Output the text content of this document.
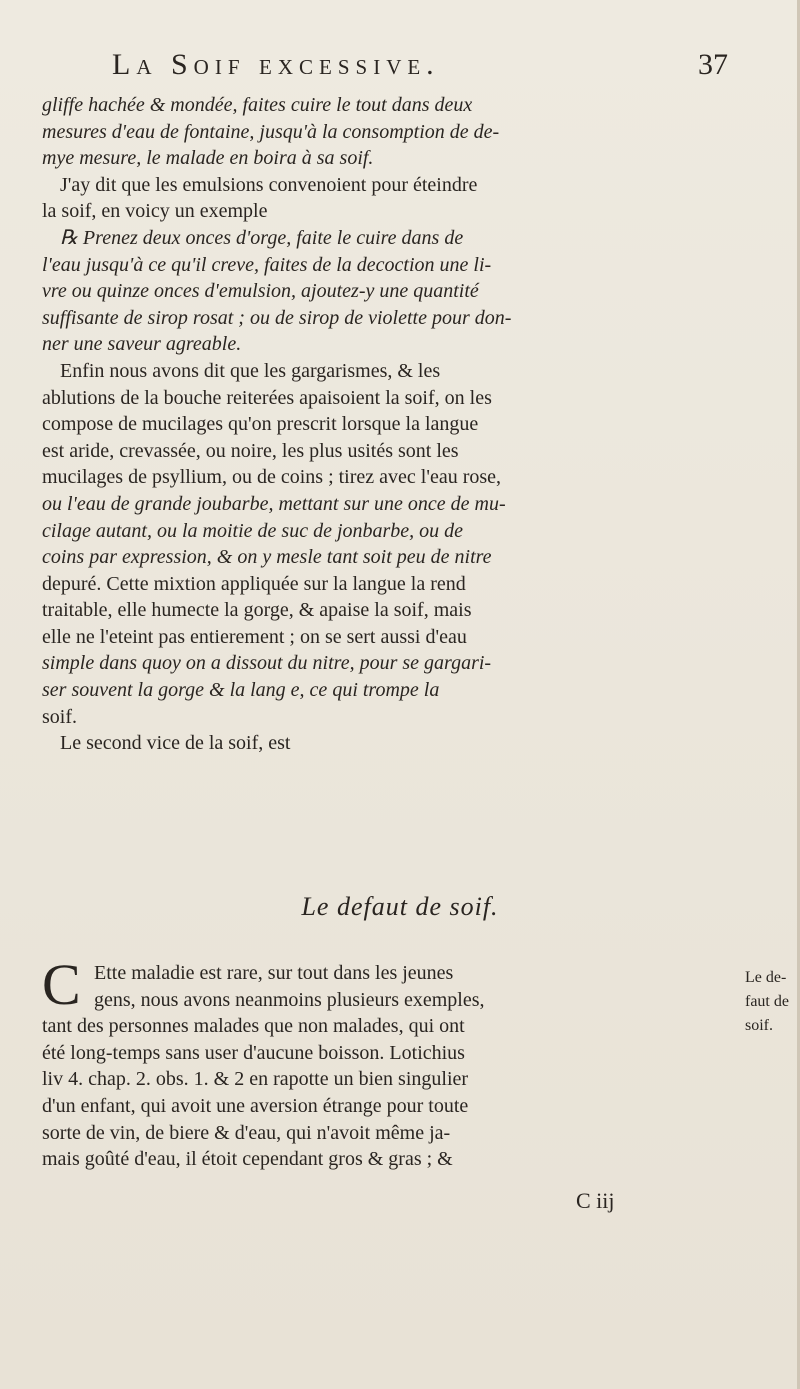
La Soif excessive.	37
gliffe hachée & mondée, faites cuire le tout dans deux
mesures d'eau de fontaine, jusqu'à la consomption de de-
mye mesure, le malade en boira à sa soif.
J'ay dit que les emulsions convenoient pour éteindre
la soif, en voicy un exemple
℞ Prenez deux onces d'orge, faite le cuire dans de
l'eau jusqu'à ce qu'il creve, faites de la decoction une li-
vre ou quinze onces d'emulsion, ajoutez-y une quantité
suffisante de sirop rosat ; ou de sirop de violette pour don-
ner une saveur agreable.
Enfin nous avons dit que les gargarismes, & les
ablutions de la bouche reiterées apaisoient la soif, on les
compose de mucilages qu'on prescrit lorsque la langue
est aride, crevassée, ou noire, les plus usités sont les
mucilages de psyllium, ou de coins ; tirez avec l'eau rose,
ou l'eau de grande joubarbe, mettant sur une once de mu-
cilage autant, ou la moitie de suc de jonbarbe, ou de
coins par expression, & on y mesle tant soit peu de nitre
depuré. Cette mixtion appliquée sur la langue la rend
traitable, elle humecte la gorge, & apaise la soif, mais
elle ne l'eteint pas entierement ; on se sert aussi d'eau
simple dans quoy on a dissout du nitre, pour se gargari-
ser souvent la gorge & la lang e, ce qui trompe la
soif.
Le second vice de la soif, est
Le defaut de soif.
C Ette maladie est rare, sur tout dans les jeunes
gens, nous avons neanmoins plusieurs exemples,
tant des personnes malades que non malades, qui ont
été long-temps sans user d'aucune boisson. Lotichius
liv 4. chap. 2. obs. 1. & 2 en rapotte un bien singulier
d'un enfant, qui avoit une aversion étrange pour toute
sorte de vin, de biere & d'eau, qui n'avoit même ja-
mais goûté d'eau, il étoit cependant gros & gras ; &
Le de-
faut de
soif.
C iij
